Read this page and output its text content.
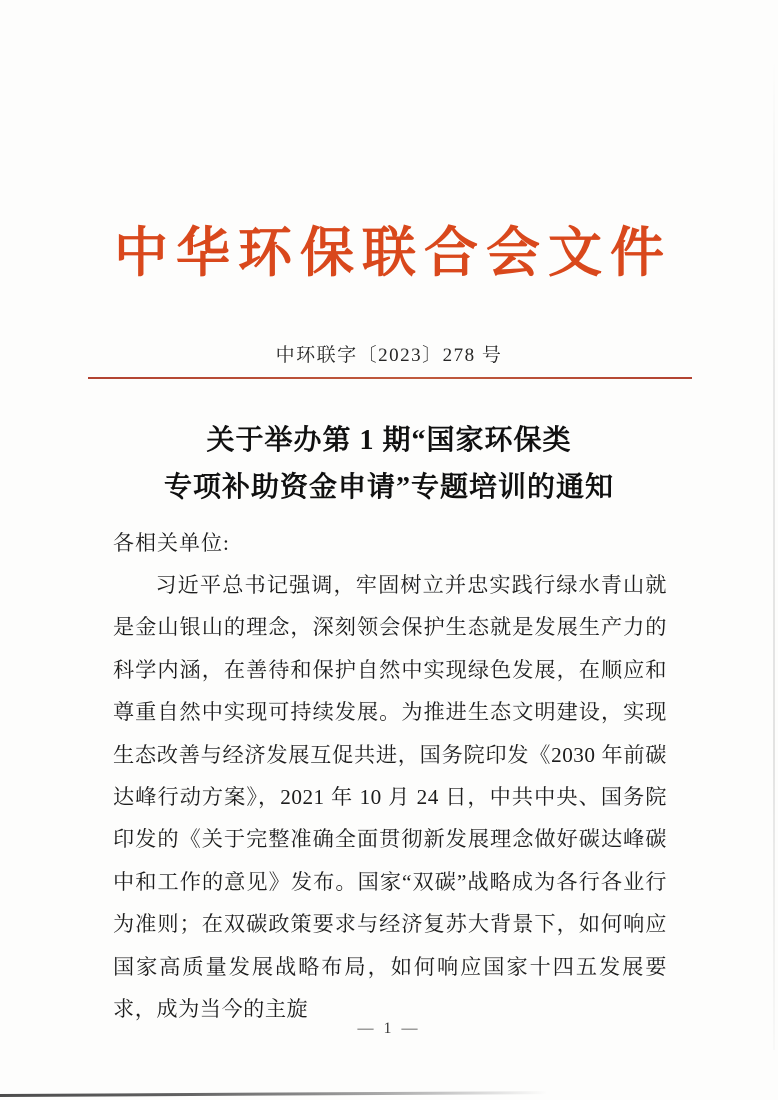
中华环保联合会文件
中环联字〔2023〕278 号
关于举办第 1 期“国家环保类
专项补助资金申请”专题培训的通知
各相关单位:
习近平总书记强调，牢固树立并忠实践行绿水青山就是金山银山的理念，深刻领会保护生态就是发展生产力的科学内涵，在善待和保护自然中实现绿色发展，在顺应和尊重自然中实现可持续发展。为推进生态文明建设，实现生态改善与经济发展互促共进，国务院印发《2030 年前碳达峰行动方案》，2021 年 10 月 24 日，中共中央、国务院印发的《关于完整准确全面贯彻新发展理念做好碳达峰碳中和工作的意见》发布。国家“双碳”战略成为各行各业行为准则；在双碳政策要求与经济复苏大背景下，如何响应国家高质量发展战略布局，如何响应国家十四五发展要求，成为当今的主旋
— 1 —
